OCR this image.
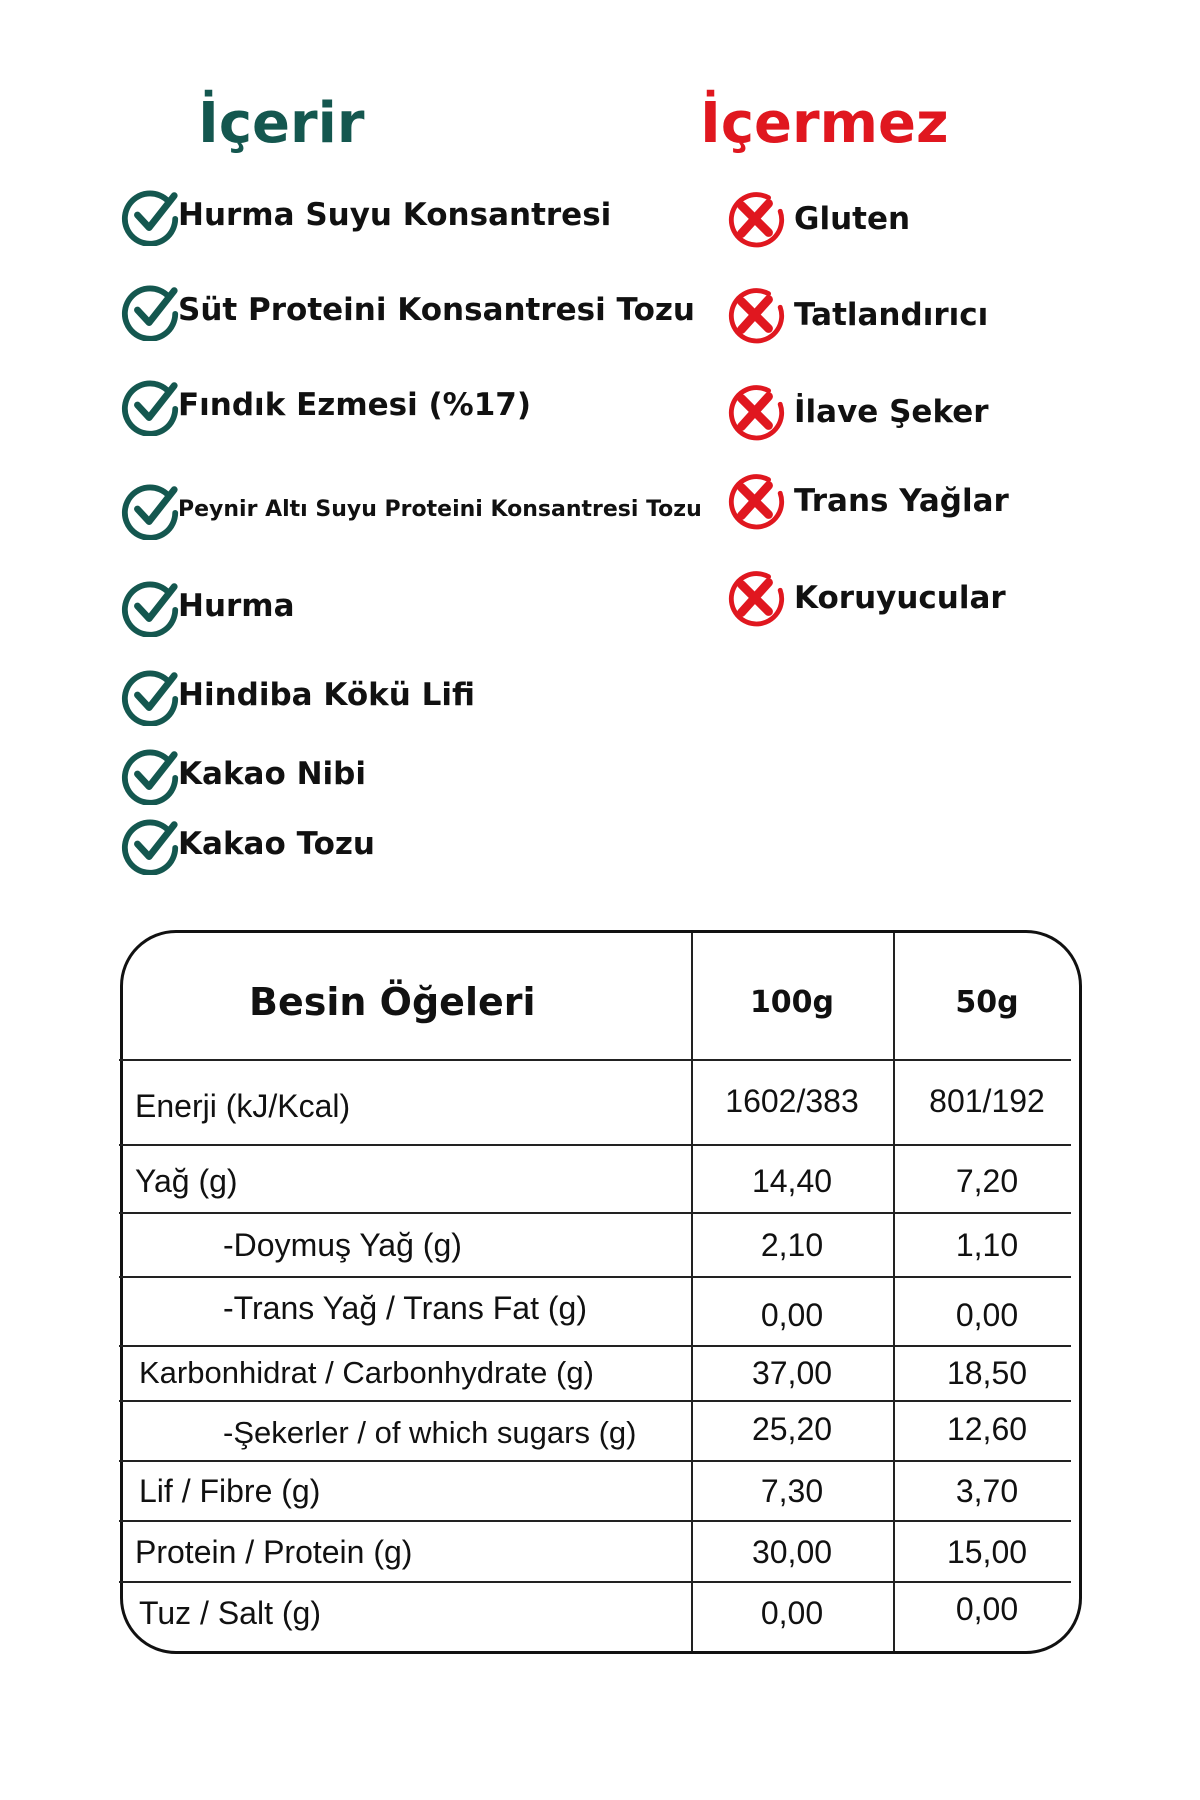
İçerir	İçermez
Hurma Suyu Konsantresi
Süt Proteini Konsantresi Tozu
Fındık Ezmesi (%17)
Peynir Altı Suyu Proteini Konsantresi Tozu
Hurma
Hindiba Kökü Lifi
Kakao Nibi
Kakao Tozu
Gluten
Tatlandırıcı
İlave Şeker
Trans Yağlar
Koruyucular
Besin Öğeleri	100g	50g
Enerji (kJ/Kcal)	1602/383	801/192
Yağ (g)	14,40	7,20
-Doymuş Yağ (g)	2,10	1,10
-Trans Yağ / Trans Fat (g)	0,00	0,00
Karbonhidrat / Carbonhydrate (g)	37,00	18,50
-Şekerler / of which sugars (g)	25,20	12,60
Lif / Fibre (g)	7,30	3,70
Protein / Protein (g)	30,00	15,00
Tuz / Salt (g)	0,00	0,00
